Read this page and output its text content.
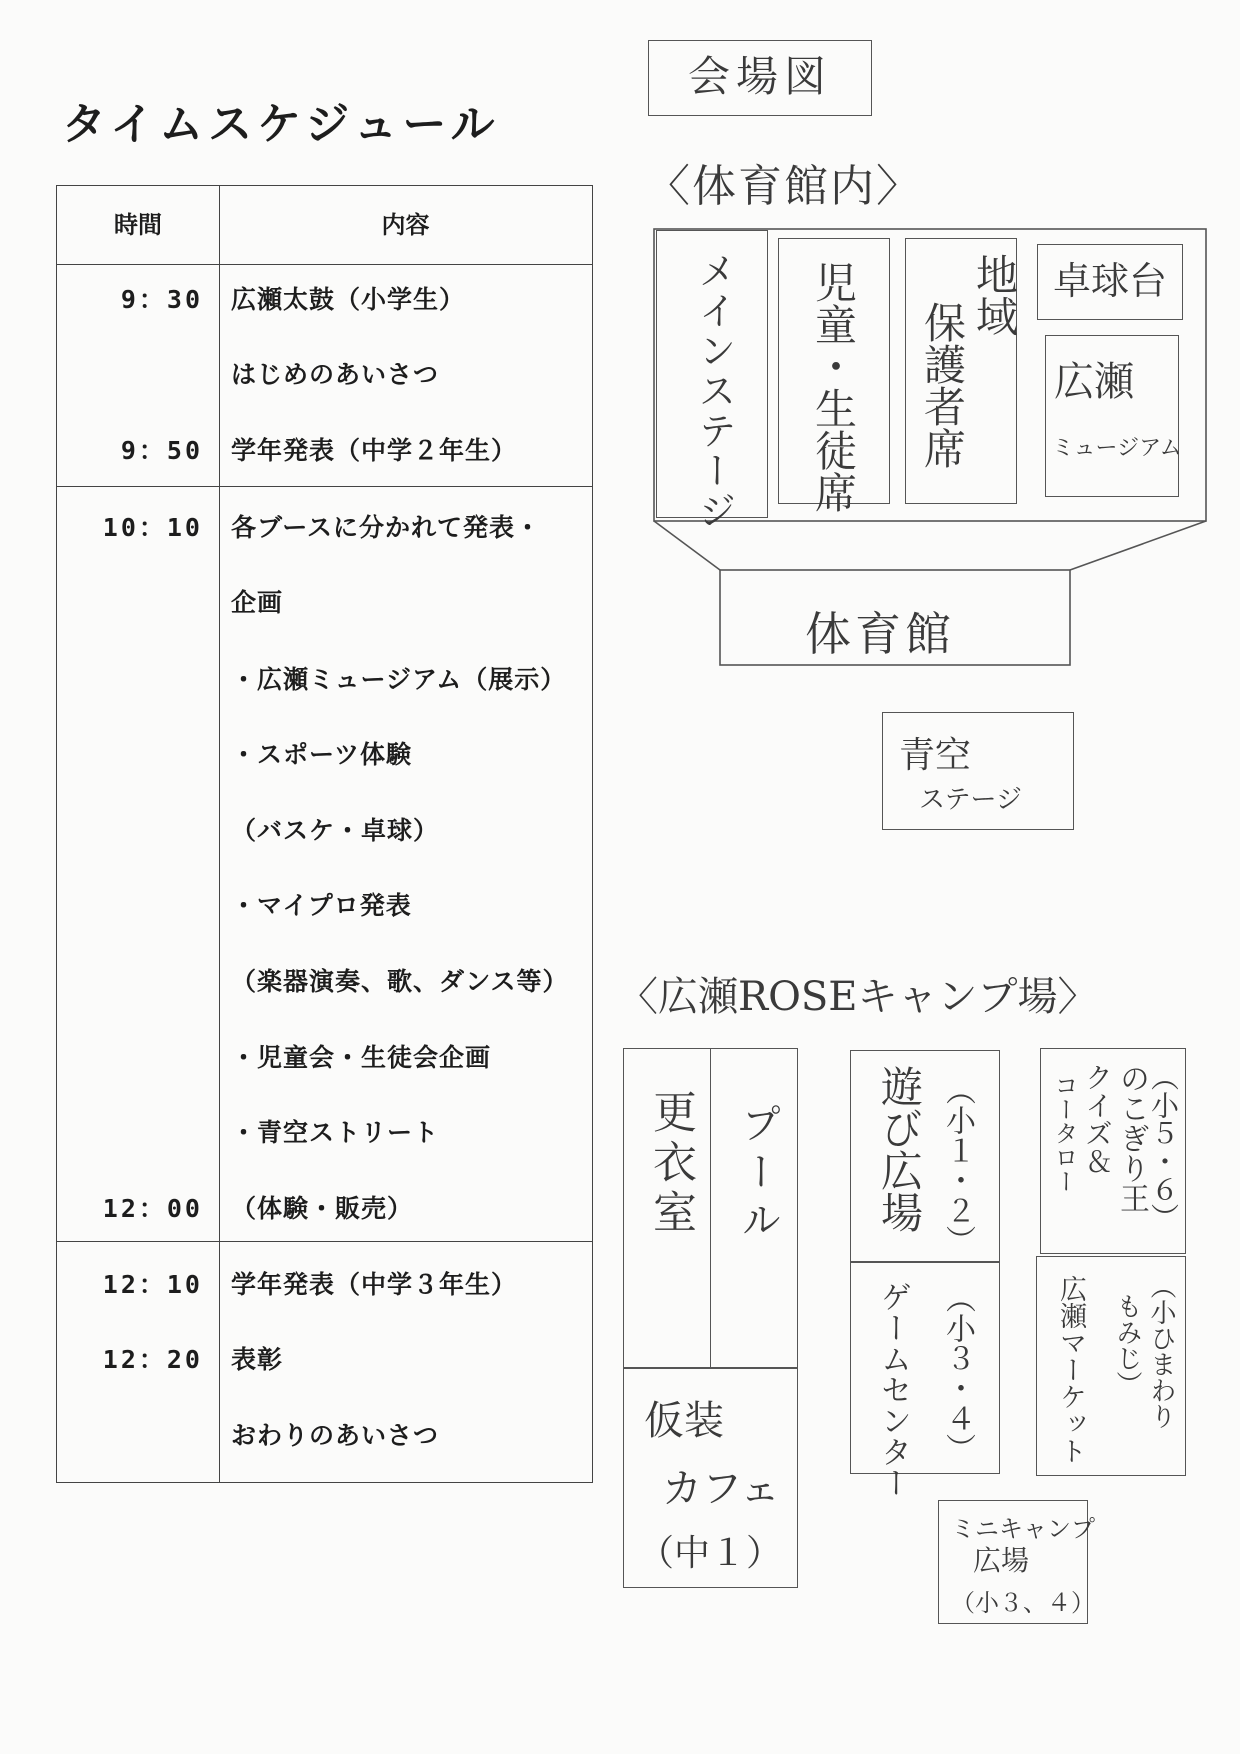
タイムスケジュール
時間	内容
9：30 広瀬太鼓（小学生）
はじめのあいさつ
9：50 学年発表（中学２年生）
10：10 各ブースに分かれて発表・
企画
・広瀬ミュージアム（展示）
・スポーツ体験
（バスケ・卓球）
・マイプロ発表
（楽器演奏、歌、ダンス等）
・児童会・生徒会企画
・青空ストリート
12：00 （体験・販売）
12：10 学年発表（中学３年生）
12：20 表彰
おわりのあいさつ
会場図
〈体育館内〉
メインステージ 児童・生徒席	地域
保護者席
卓球台
広瀬
ミュージアム
体育館
青空
ステージ
〈広瀬ROSEキャンプ場〉
更衣室 プール
仮装
カフェ
（中１）
（小１・２）
遊び広場
（小３・４）
ゲームセンター
（小５・６）
のこぎり王
クイズ＆
コータロー
（小ひまわり
もみじ）
広瀬マーケット
ミニキャンプ
広場
（小３、４）
